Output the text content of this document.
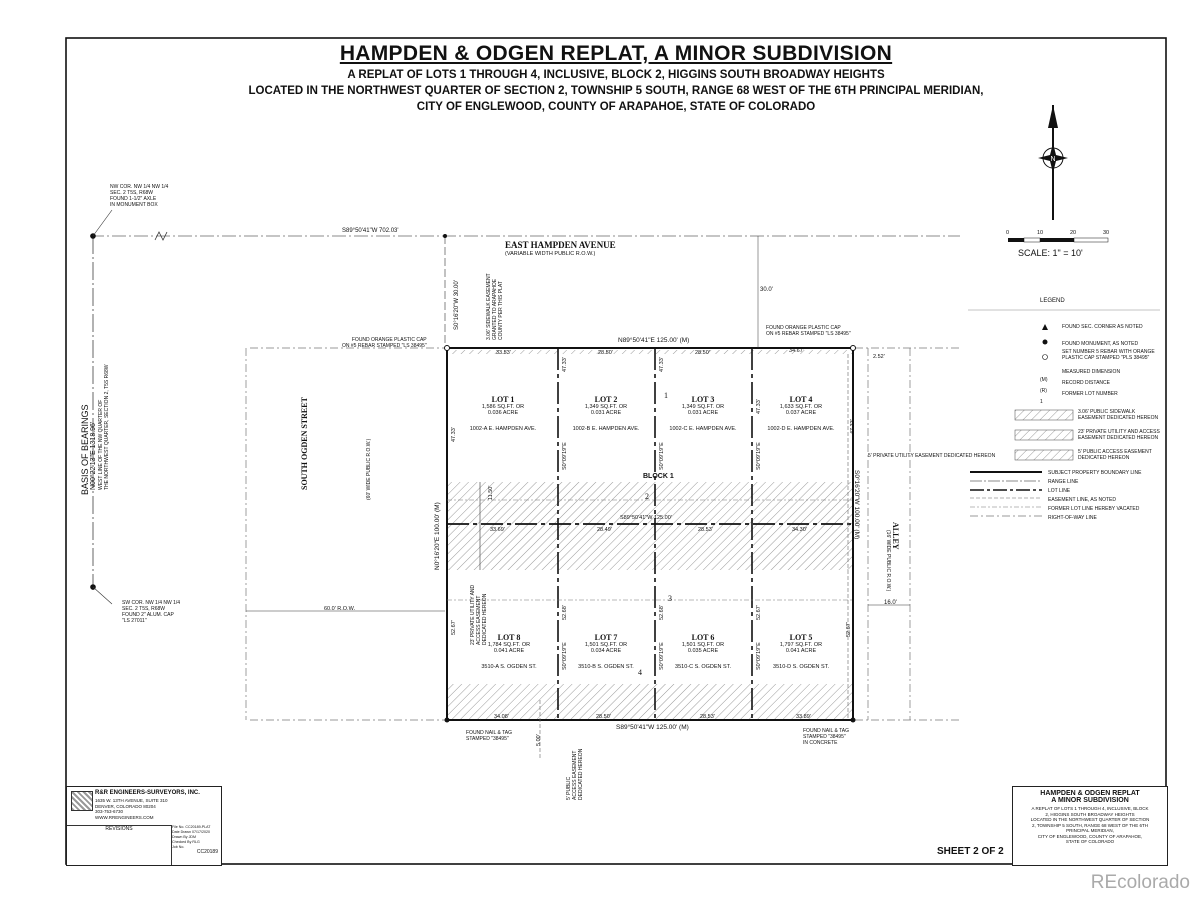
HAMPDEN & ODGEN REPLAT, A MINOR SUBDIVISION
A REPLAT OF LOTS 1 THROUGH 4, INCLUSIVE, BLOCK 2, HIGGINS SOUTH BROADWAY HEIGHTS
LOCATED IN THE NORTHWEST QUARTER OF SECTION 2, TOWNSHIP 5 SOUTH, RANGE 68 WEST OF THE 6TH PRINCIPAL MERIDIAN,
CITY OF ENGLEWOOD, COUNTY OF ARAPAHOE, STATE OF COLORADO
N
EAST HAMPDEN AVENUE
(VARIABLE WIDTH PUBLIC R.O.W.)
S89°50'41"W 702.03'
30.0'
SOUTH OGDEN STREET	(60' WIDE PUBLIC R.O.W.)
S0°16'20"W 30.00'
N0°16'20"E 100.00' (M)	S0°16'20"W 100.00' (M)	ALLEY
(16' WIDE PUBLIC R.O.W.)
BASIS OF BEARINGS N00°22'13"E 1318.96' WEST LINE OF THE NW QUARTER OF THE NORTHWEST QUARTER, SECTION 2, T5S R68W
NW COR. NW 1/4 NW 1/4
SEC. 2 T5S, R68W
FOUND 1-1/2" AXLE
IN MONUMENT BOX
SW COR. NW 1/4 NW 1/4
SEC. 2 T5S, R68W
FOUND 2" ALUM. CAP
"LS 27011"
FOUND ORANGE PLASTIC CAP
ON #5 REBAR STAMPED "LS 38495"
FOUND ORANGE PLASTIC CAP
ON #5 REBAR STAMPED "LS 38495"
FOUND NAIL & TAG
STAMPED "38495"
FOUND NAIL & TAG
STAMPED "38495"
IN CONCRETE
3.06' SIDEWALK EASEMENT GRANTED TO ARAPAHOE COUNTY PER THIS PLAT
5' PRIVATE UTILITY EASEMENT DEDICATED HEREON
23' PRIVATE UTILITY AND ACCESS EASEMENT DEDICATED HEREON
5' PUBLIC ACCESS EASEMENT DEDICATED HEREON
N89°50'41"E 125.00' (M)
S89°50'41"W 125.00' (M)
S89°50'41"W 125.00'
BLOCK 1
60.0' R.O.W.
16.0'
2.52'
11.50'
5.00'
33.53'	28.50'	28.50'	34.67'
33.69'	28.49'	28.53'	34.30'
34.08'	28.50'	28.53'	33.89'
47.33'
47.33'	47.33'
47.33'
47.33'
52.67'
52.68'	52.68'	52.67'
52.67'
S0°09'19"E	S0°09'19"E	S0°09'19"E
S0°09'19"E	S0°09'19"E	S0°09'19"E
1
2
3
4
LOT 1
1,586 SQ.FT. OR
0.036 ACRE
1002-A E. HAMPDEN AVE.
LOT 2
1,349 SQ.FT. OR
0.031 ACRE
1002-B E. HAMPDEN AVE.
LOT 3
1,349 SQ.FT. OR
0.031 ACRE
1002-C E. HAMPDEN AVE.
LOT 4
1,633 SQ.FT. OR
0.037 ACRE
1002-D E. HAMPDEN AVE.
LOT 8
1,784 SQ.FT. OR
0.041 ACRE
3510-A S. OGDEN ST.
LOT 7
1,501 SQ.FT. OR
0.034 ACRE
3510-B S. OGDEN ST.
LOT 6
1,501 SQ.FT. OR
0.035 ACRE
3510-C S. OGDEN ST.
LOT 5
1,797 SQ.FT. OR
0.041 ACRE
3510-D S. OGDEN ST.
0	10	20	30
SCALE: 1" = 10'
LEGEND
FOUND SEC. CORNER AS NOTED
FOUND MONUMENT, AS NOTED
SET NUMBER 5 REBAR WITH ORANGE PLASTIC CAP STAMPED "PLS 38495"
MEASURED DIMENSION
RECORD DISTANCE
FORMER LOT NUMBER
(M)
(R)
1
3.06' PUBLIC SIDEWALK EASEMENT DEDICATED HEREON
23' PRIVATE UTILITY AND ACCESS EASEMENT DEDICATED HEREON
5' PUBLIC ACCESS EASEMENT DEDICATED HEREON
SUBJECT PROPERTY BOUNDARY LINE
RANGE LINE
LOT LINE
EASEMENT LINE, AS NOTED
FORMER LOT LINE HEREBY VACATED
RIGHT-OF-WAY LINE
R&R ENGINEERS-SURVEYORS, INC.
1635 W. 13TH AVENUE, SUITE 310
DENVER, COLORADO 80204
303-753-6730
WWW.RRENGINEERS.COM
REVISIONS	File No. CC20189-PLAT
Date Drawn 07/17/2020
Drawn By JDM
Checked By RLG
Job No.
CC20189
HAMPDEN & ODGEN REPLAT
A MINOR SUBDIVISION
A REPLAT OF LOTS 1 THROUGH 4, INCLUSIVE, BLOCK
2, HIGGINS SOUTH BROADWAY HEIGHTS
LOCATED IN THE NORTHWEST QUARTER OF SECTION
2, TOWNSHIP 5 SOUTH, RANGE 68 WEST OF THE 6TH
PRINCIPAL MERIDIAN,
CITY OF ENGLEWOOD, COUNTY OF ARAPAHOE,
STATE OF COLORADO
SHEET 2 OF 2
REcolorado
